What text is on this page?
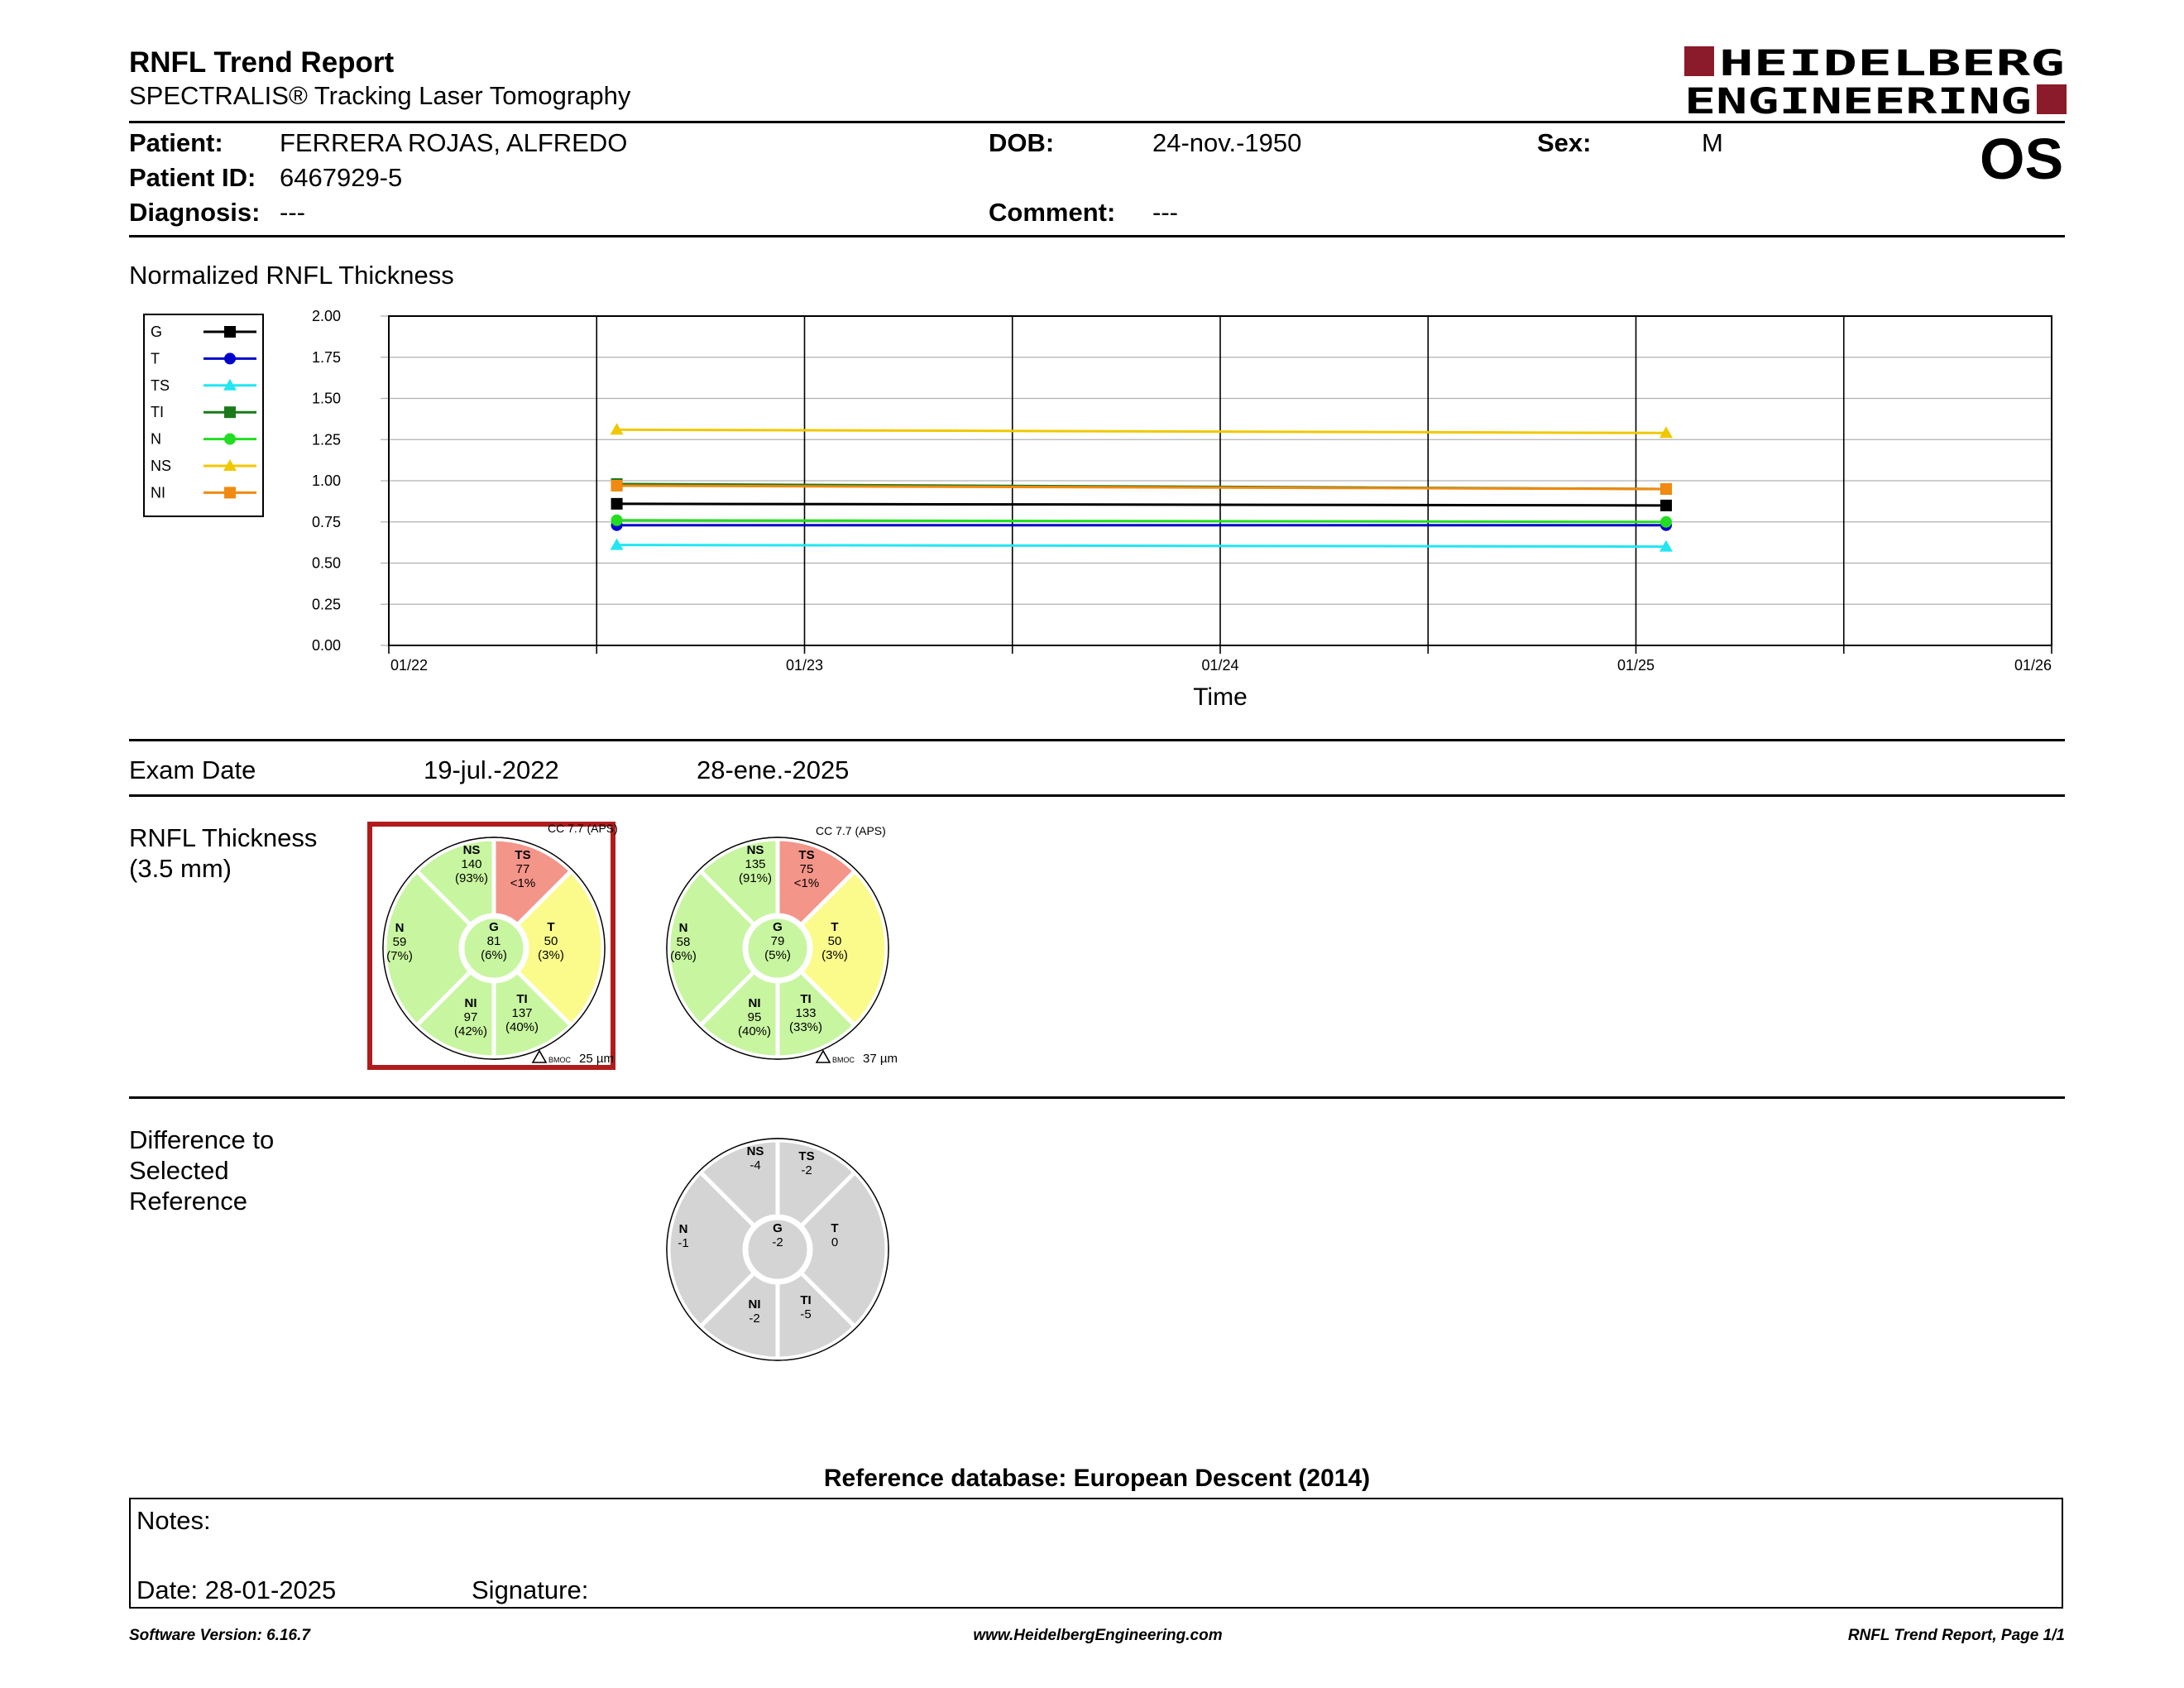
RNFL Trend Report
SPECTRALIS® Tracking Laser Tomography
HEIDELBERG
ENGINEERING
Patient: FERRERA ROJAS, ALFREDO
Patient ID: 6467929-5
Diagnosis: ---
DOB:	24-nov.-1950
Comment: ---
Sex:	M	OS
Normalized RNFL Thickness
0.00
0.25
0.50
0.75
1.00
1.25
1.50
1.75
2.00
01/22	01/23	01/24	01/25	01/26
Time
G
T
TS
TI
N
NS
NI
Exam Date	19-jul.-2022	28-ene.-2025
RNFL Thickness
(3.5 mm)
NS
140
(93%)
TS
77
<1%
T
50
(3%)
TI
137
(40%)
NI
97
(42%)
N
59
(7%)
G
81
(6%)
CC 7.7 (APS)
BMOC 25 µm
NS
135
(91%)
TS
75
<1%
T
50
(3%)
TI
133
(33%)
NI
95
(40%)
N
58
(6%)
G
79
(5%)
CC 7.7 (APS)
BMOC 37 µm
Difference to
Selected
Reference
NS
-4
TS
-2
T
0
TI
-5
NI
-2
N
-1
G
-2
Reference database: European Descent (2014)
Notes:
Date: 28-01-2025	Signature:
Software Version: 6.16.7	www.HeidelbergEngineering.com	RNFL Trend Report, Page 1/1
